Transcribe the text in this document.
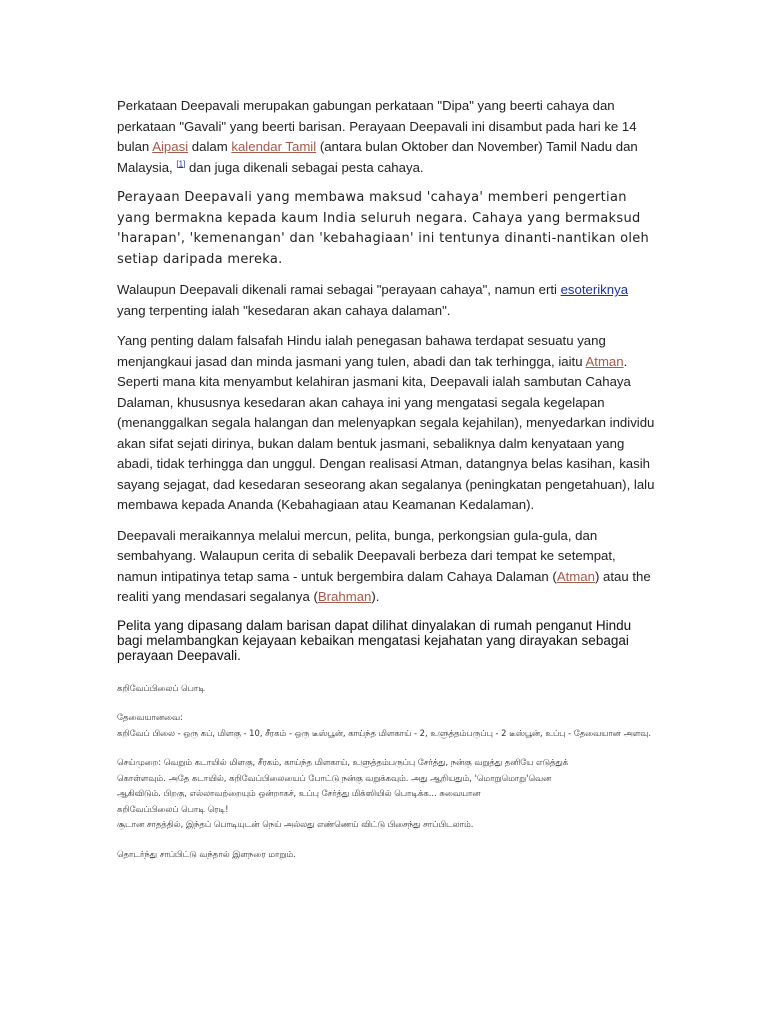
Perkataan Deepavali merupakan gabungan perkataan "Dipa" yang beerti cahaya dan perkataan "Gavali" yang beerti barisan. Perayaan Deepavali ini disambut pada hari ke 14 bulan Aipasi dalam kalendar Tamil (antara bulan Oktober dan November) Tamil Nadu dan Malaysia, [1] dan juga dikenali sebagai pesta cahaya.

Perayaan Deepavali yang membawa maksud 'cahaya' memberi pengertian yang bermakna kepada kaum India seluruh negara. Cahaya yang bermaksud 'harapan', 'kemenangan' dan 'kebahagiaan' ini tentunya dinanti-nantikan oleh setiap daripada mereka.

Walaupun Deepavali dikenali ramai sebagai "perayaan cahaya", namun erti esoteriknya yang terpenting ialah "kesedaran akan cahaya dalaman".

Yang penting dalam falsafah Hindu ialah penegasan bahawa terdapat sesuatu yang menjangkaui jasad dan minda jasmani yang tulen, abadi dan tak terhingga, iaitu Atman. Seperti mana kita menyambut kelahiran jasmani kita, Deepavali ialah sambutan Cahaya Dalaman, khususnya kesedaran akan cahaya ini yang mengatasi segala kegelapan (menanggalkan segala halangan dan melenyapkan segala kejahilan), menyedarkan individu akan sifat sejati dirinya, bukan dalam bentuk jasmani, sebaliknya dalm kenyataan yang abadi, tidak terhingga dan unggul. Dengan realisasi Atman, datangnya belas kasihan, kasih sayang sejagat, dad kesedaran seseorang akan segalanya (peningkatan pengetahuan), lalu membawa kepada Ananda (Kebahagiaan atau Keamanan Kedalaman).

Deepavali meraikannya melalui mercun, pelita, bunga, perkongsian gula-gula, dan sembahyang. Walaupun cerita di sebalik Deepavali berbeza dari tempat ke setempat, namun intipatinya tetap sama - untuk bergembira dalam Cahaya Dalaman (Atman) atau the realiti yang mendasari segalanya (Brahman).

Pelita yang dipasang dalam barisan dapat dilihat dinyalakan di rumah penganut Hindu bagi melambangkan kejayaan kebaikan mengatasi kejahatan yang dirayakan sebagai perayaan Deepavali.

கறிவேப்பிலைப் பொடி

தேவையானவை:

கறிவேப் பிலை - ஒரு கப், மிளகு - 10, சீரகம் - ஒரு டீஸ்பூன், காய்ந்த மிளகாய் - 2, உளுத்தம்பருப்பு - 2 டீஸ்பூன், உப்பு - தேவையான அளவு.

செய்முறை: வெறும் கடாயில் மிளகு, சீரகம், காய்ந்த மிளகாய், உளுத்தம்பருப்பு சேர்த்து, நன்கு வறுத்து தனியே எடுத்துக்

கொள்ளவும். அதே கடாயில், கறிவேப்பிலையைப் போட்டு நன்கு வறுக்கவும். அது ஆறியதும், 'மொறுமொறு'வென

ஆகிவிடும். பிறகு, எல்லாவற்றையும் ஒன்றாகச், உப்பு சேர்த்து மிக்ஸியில் பொடிக்க... சுவையான

கறிவேப்பிலைப் பொடி ரெடி!

சூடான சாதத்தில், இந்தப் பொடியுடன் நெய் அல்லது எண்ணெய் விட்டு பிசைந்து சாப்பிடலாம்.

தொடர்ந்து சாப்பிட்டு வந்தால் இளநரை மாறும்.
